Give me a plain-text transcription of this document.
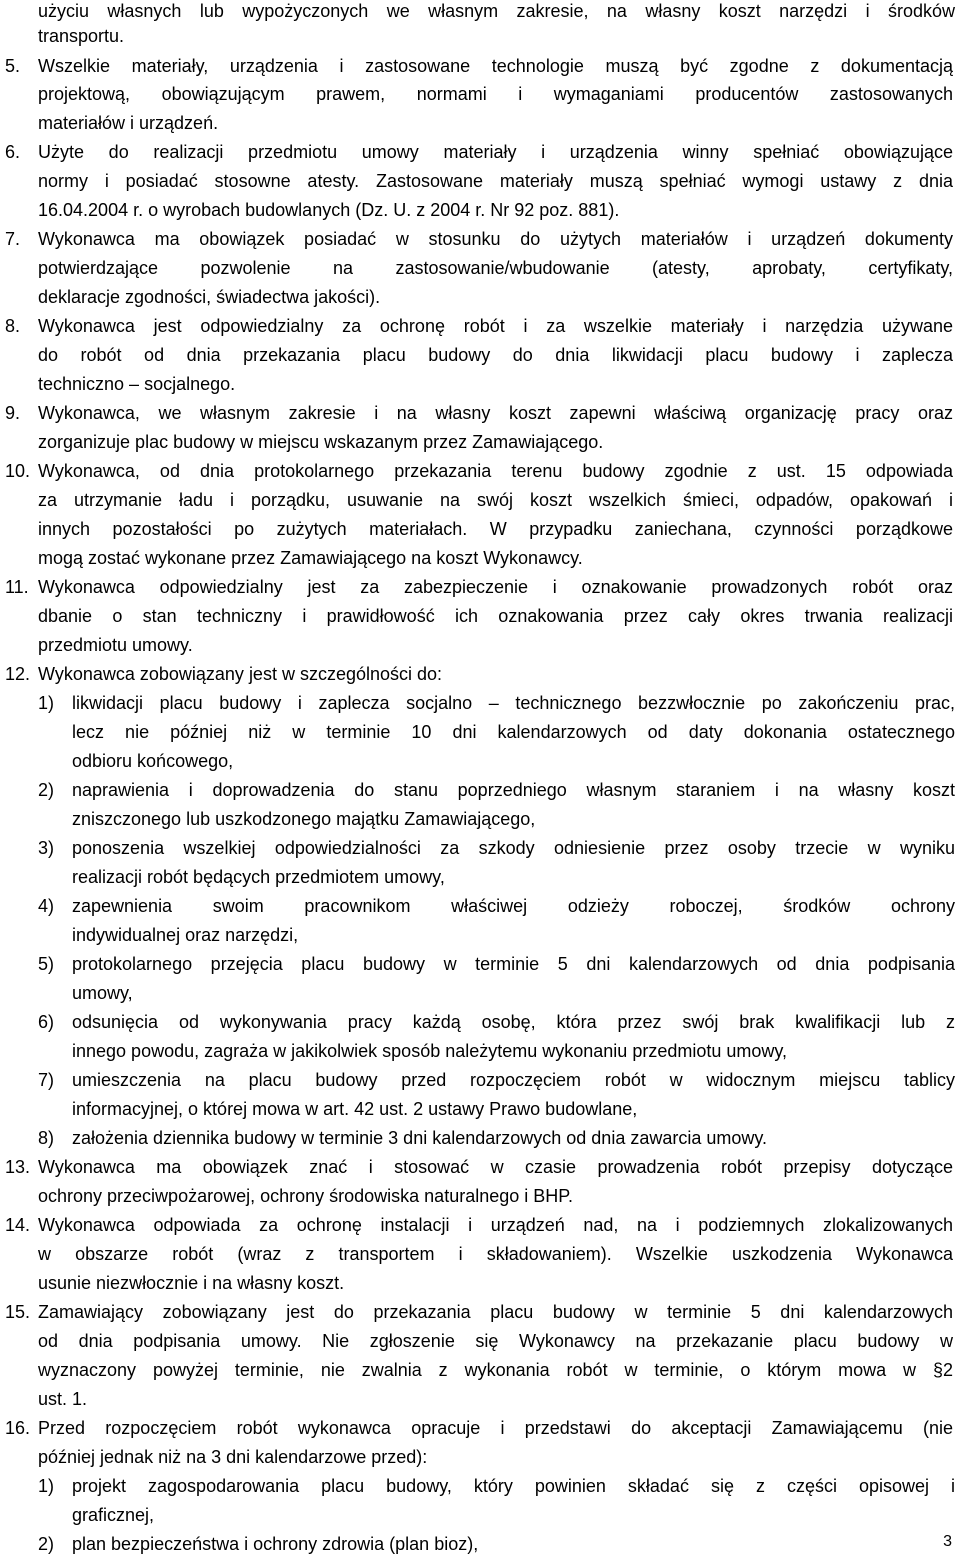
użyciu własnych lub wypożyczonych we własnym zakresie, na własny koszt narzędzi i środków
transportu.
5. Wszelkie materiały, urządzenia i zastosowane technologie muszą być zgodne z dokumentacją
projektową, obowiązującym prawem, normami i wymaganiami producentów zastosowanych
materiałów i urządzeń.
6. Użyte do realizacji przedmiotu umowy materiały i urządzenia winny spełniać obowiązujące
normy i posiadać stosowne atesty. Zastosowane materiały muszą spełniać wymogi ustawy z dnia
16.04.2004 r. o wyrobach budowlanych (Dz. U. z 2004 r. Nr 92 poz. 881).
7. Wykonawca ma obowiązek posiadać w stosunku do użytych materiałów i urządzeń dokumenty
potwierdzające pozwolenie na zastosowanie/wbudowanie (atesty, aprobaty, certyfikaty,
deklaracje zgodności, świadectwa jakości).
8. Wykonawca jest odpowiedzialny za ochronę robót i za wszelkie materiały i narzędzia używane
do robót od dnia przekazania placu budowy do dnia likwidacji placu budowy i zaplecza
techniczno – socjalnego.
9. Wykonawca, we własnym zakresie i na własny koszt zapewni właściwą organizację pracy oraz
zorganizuje plac budowy w miejscu wskazanym przez Zamawiającego.
10. Wykonawca, od dnia protokolarnego przekazania terenu budowy zgodnie z ust. 15 odpowiada
za utrzymanie ładu i porządku, usuwanie na swój koszt wszelkich śmieci, odpadów, opakowań i
innych pozostałości po zużytych materiałach. W przypadku zaniechana, czynności porządkowe
mogą zostać wykonane przez Zamawiającego na koszt Wykonawcy.
11. Wykonawca odpowiedzialny jest za zabezpieczenie i oznakowanie prowadzonych robót oraz
dbanie o stan techniczny i prawidłowość ich oznakowania przez cały okres trwania realizacji
przedmiotu umowy.
12. Wykonawca zobowiązany jest w szczególności do:
1) likwidacji placu budowy i zaplecza socjalno – technicznego bezzwłocznie po zakończeniu prac,
lecz nie później niż w terminie 10 dni kalendarzowych od daty dokonania ostatecznego
odbioru końcowego,
2) naprawienia i doprowadzenia do stanu poprzedniego własnym staraniem i na własny koszt
zniszczonego lub uszkodzonego majątku Zamawiającego,
3) ponoszenia wszelkiej odpowiedzialności za szkody odniesienie przez osoby trzecie w wyniku
realizacji robót będących przedmiotem umowy,
4) zapewnienia swoim pracownikom właściwej odzieży roboczej, środków ochrony
indywidualnej oraz narzędzi,
5) protokolarnego przejęcia placu budowy w terminie 5 dni kalendarzowych od dnia podpisania
umowy,
6) odsunięcia od wykonywania pracy każdą osobę, która przez swój brak kwalifikacji lub z
innego powodu, zagraża w jakikolwiek sposób należytemu wykonaniu przedmiotu umowy,
7) umieszczenia na placu budowy przed rozpoczęciem robót w widocznym miejscu tablicy
informacyjnej, o której mowa w art. 42 ust. 2 ustawy Prawo budowlane,
8) założenia dziennika budowy w terminie 3 dni kalendarzowych od dnia zawarcia umowy.
13. Wykonawca ma obowiązek znać i stosować w czasie prowadzenia robót przepisy dotyczące
ochrony przeciwpożarowej, ochrony środowiska naturalnego i BHP.
14. Wykonawca odpowiada za ochronę instalacji i urządzeń nad, na i podziemnych zlokalizowanych
w obszarze robót (wraz z transportem i składowaniem). Wszelkie uszkodzenia Wykonawca
usunie niezwłocznie i na własny koszt.
15. Zamawiający zobowiązany jest do przekazania placu budowy w terminie 5 dni kalendarzowych
od dnia podpisania umowy. Nie zgłoszenie się Wykonawcy na przekazanie placu budowy w
wyznaczony powyżej terminie, nie zwalnia z wykonania robót w terminie, o którym mowa w §2
ust. 1.
16. Przed rozpoczęciem robót wykonawca opracuje i przedstawi do akceptacji Zamawiającemu (nie
później jednak niż na 3 dni kalendarzowe przed):
1) projekt zagospodarowania placu budowy, który powinien składać się z części opisowej i
graficznej,
2) plan bezpieczeństwa i ochrony zdrowia (plan bioz),	3
